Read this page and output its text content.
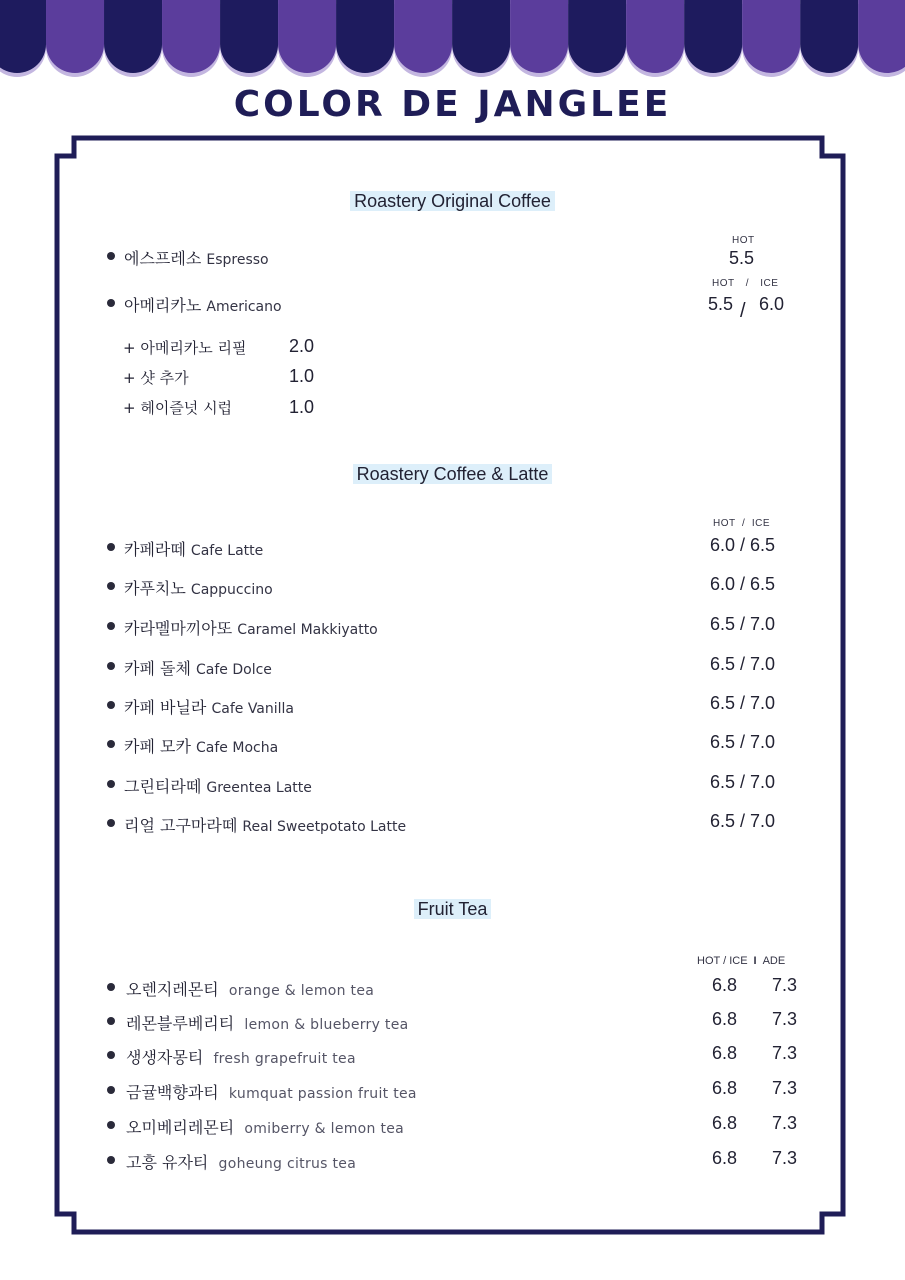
COLOR DE JANGLEE
Roastery Original Coffee
HOT
에스프레소 Espresso	5.5
HOT / ICE
아메리카노 Americano	5.5 / 6.0
+ 아메리카노 리필 2.0
+ 샷 추가	1.0
+ 헤이즐넛 시럽	1.0
Roastery Coffee & Latte
HOT  /  ICE
카페라떼 Cafe Latte	6.0 / 6.5
카푸치노 Cappuccino	6.0 / 6.5
카라멜마끼아또 Caramel Makkiyatto	6.5 / 7.0
카페 돌체 Cafe Dolce	6.5 / 7.0
카페 바닐라 Cafe Vanilla	6.5 / 7.0
카페 모카 Cafe Mocha	6.5 / 7.0
그린티라떼 Greentea Latte	6.5 / 7.0
리얼 고구마라떼 Real Sweetpotato Latte	6.5 / 7.0
Fruit Tea
HOT / ICE I ADE
오렌지레몬티 orange & lemon tea	6.8 7.3
레몬블루베리티 lemon & blueberry tea	6.8 7.3
생생자몽티 fresh grapefruit tea	6.8 7.3
금귤백향과티 kumquat passion fruit tea	6.8 7.3
오미베리레몬티 omiberry & lemon tea	6.8 7.3
고흥 유자티 goheung citrus tea	6.8 7.3
